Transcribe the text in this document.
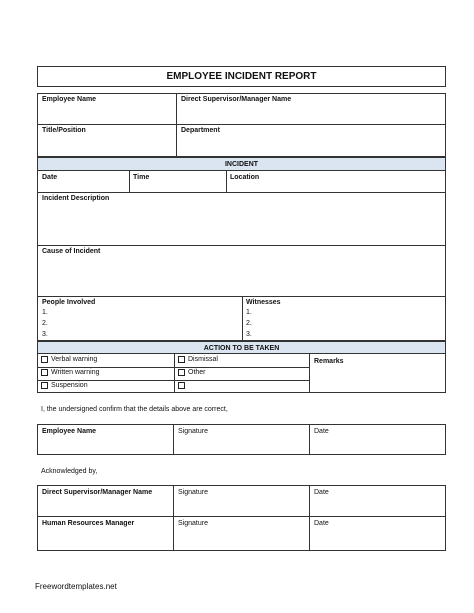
EMPLOYEE INCIDENT REPORT
Employee Name	Direct Supervisor/Manager Name
Title/Position	Department
INCIDENT
Date	Time	Location
Incident Description
Cause of Incident
People Involved
1.
2.
3.
Witnesses
1.
2.
3.
ACTION TO BE TAKEN
Verbal warning	Dismissal
Written warning	Other
Suspension
Remarks
I, the undersigned confirm that the details above are correct,
Employee Name	Signature	Date
Acknowledged by,
Direct Supervisor/Manager Name	Signature	Date
Human Resources Manager	Signature	Date
Freewordtemplates.net
